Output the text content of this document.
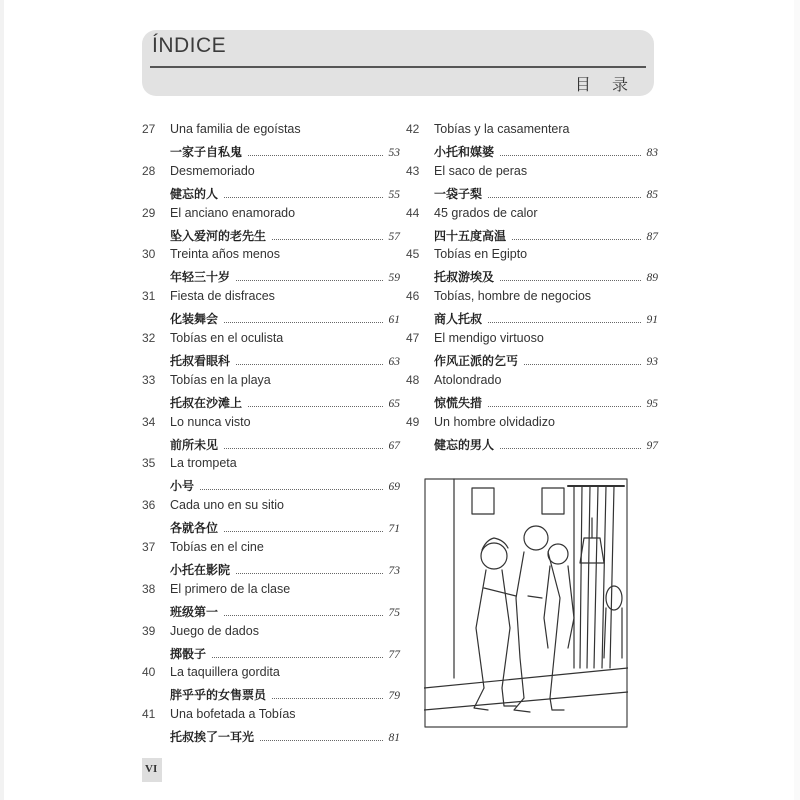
ÍNDICE
目 录
27	Una familia de egoístas
一家子自私鬼	53
28	Desmemoriado
健忘的人	55
29	El anciano enamorado
坠入爱河的老先生	57
30	Treinta años menos
年轻三十岁	59
31	Fiesta de disfraces
化装舞会	61
32	Tobías en el oculista
托叔看眼科	63
33	Tobías en la playa
托叔在沙滩上	65
34	Lo nunca visto
前所未见	67
35	La trompeta
小号	69
36	Cada uno en su sitio
各就各位	71
37	Tobías en el cine
小托在影院	73
38	El primero de la clase
班级第一	75
39	Juego de dados
掷骰子	77
40	La taquillera gordita
胖乎乎的女售票员	79
41	Una bofetada a Tobías
托叔挨了一耳光	81
42	Tobías y la casamentera
小托和媒婆	83
43	El saco de peras
一袋子梨	85
44	45 grados de calor
四十五度高温	87
45	Tobías en Egipto
托叔游埃及	89
46	Tobías, hombre de negocios
商人托叔	91
47	El mendigo virtuoso
作风正派的乞丐	93
48	Atolondrado
惊慌失措	95
49	Un hombre olvidadizo
健忘的男人	97
VI
